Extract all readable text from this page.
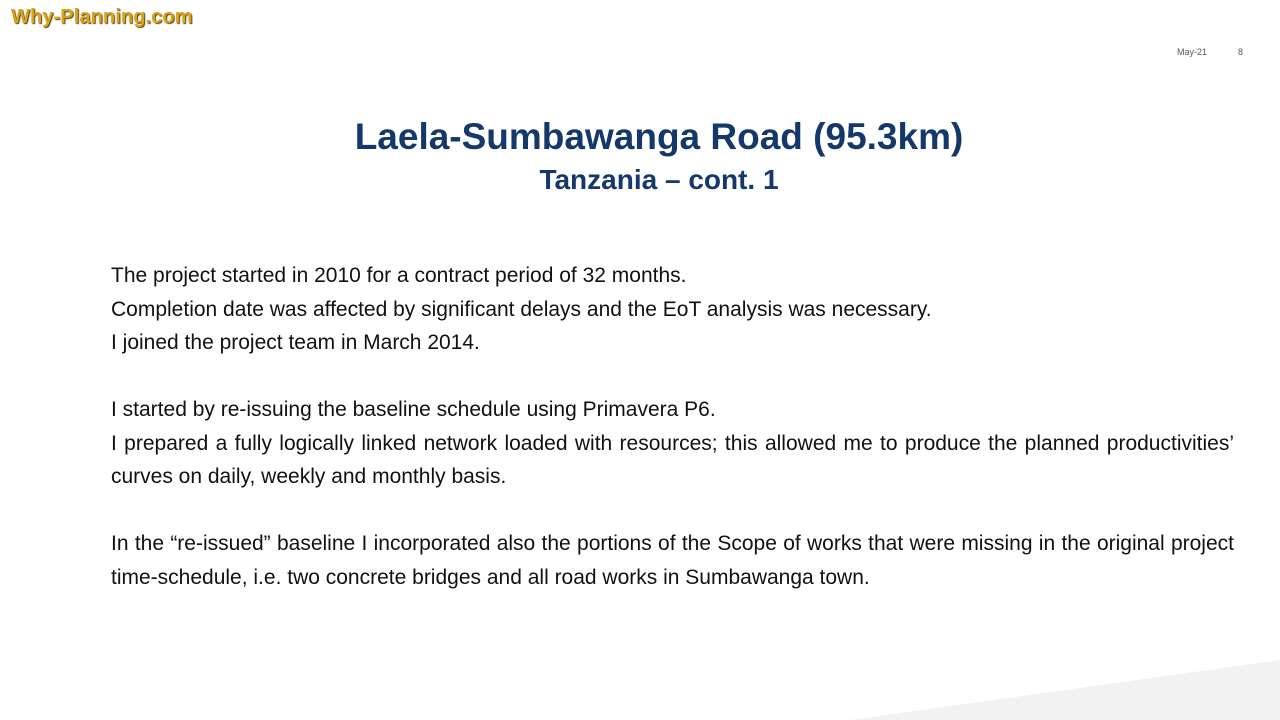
Why-Planning.com
May-21	8
Laela-Sumbawanga Road (95.3km)
Tanzania – cont. 1

The project started in 2010 for a contract period of 32 months.

Completion date was affected by significant delays and the EoT analysis was necessary.

I joined the project team in March 2014.

I started by re-issuing the baseline schedule using Primavera P6.

I prepared a fully logically linked network loaded with resources; this allowed me to produce the planned productivities’ curves on daily, weekly and monthly basis.

In the “re-issued” baseline I incorporated also the portions of the Scope of works that were missing in the original project time-schedule, i.e. two concrete bridges and all road works in Sumbawanga town.
